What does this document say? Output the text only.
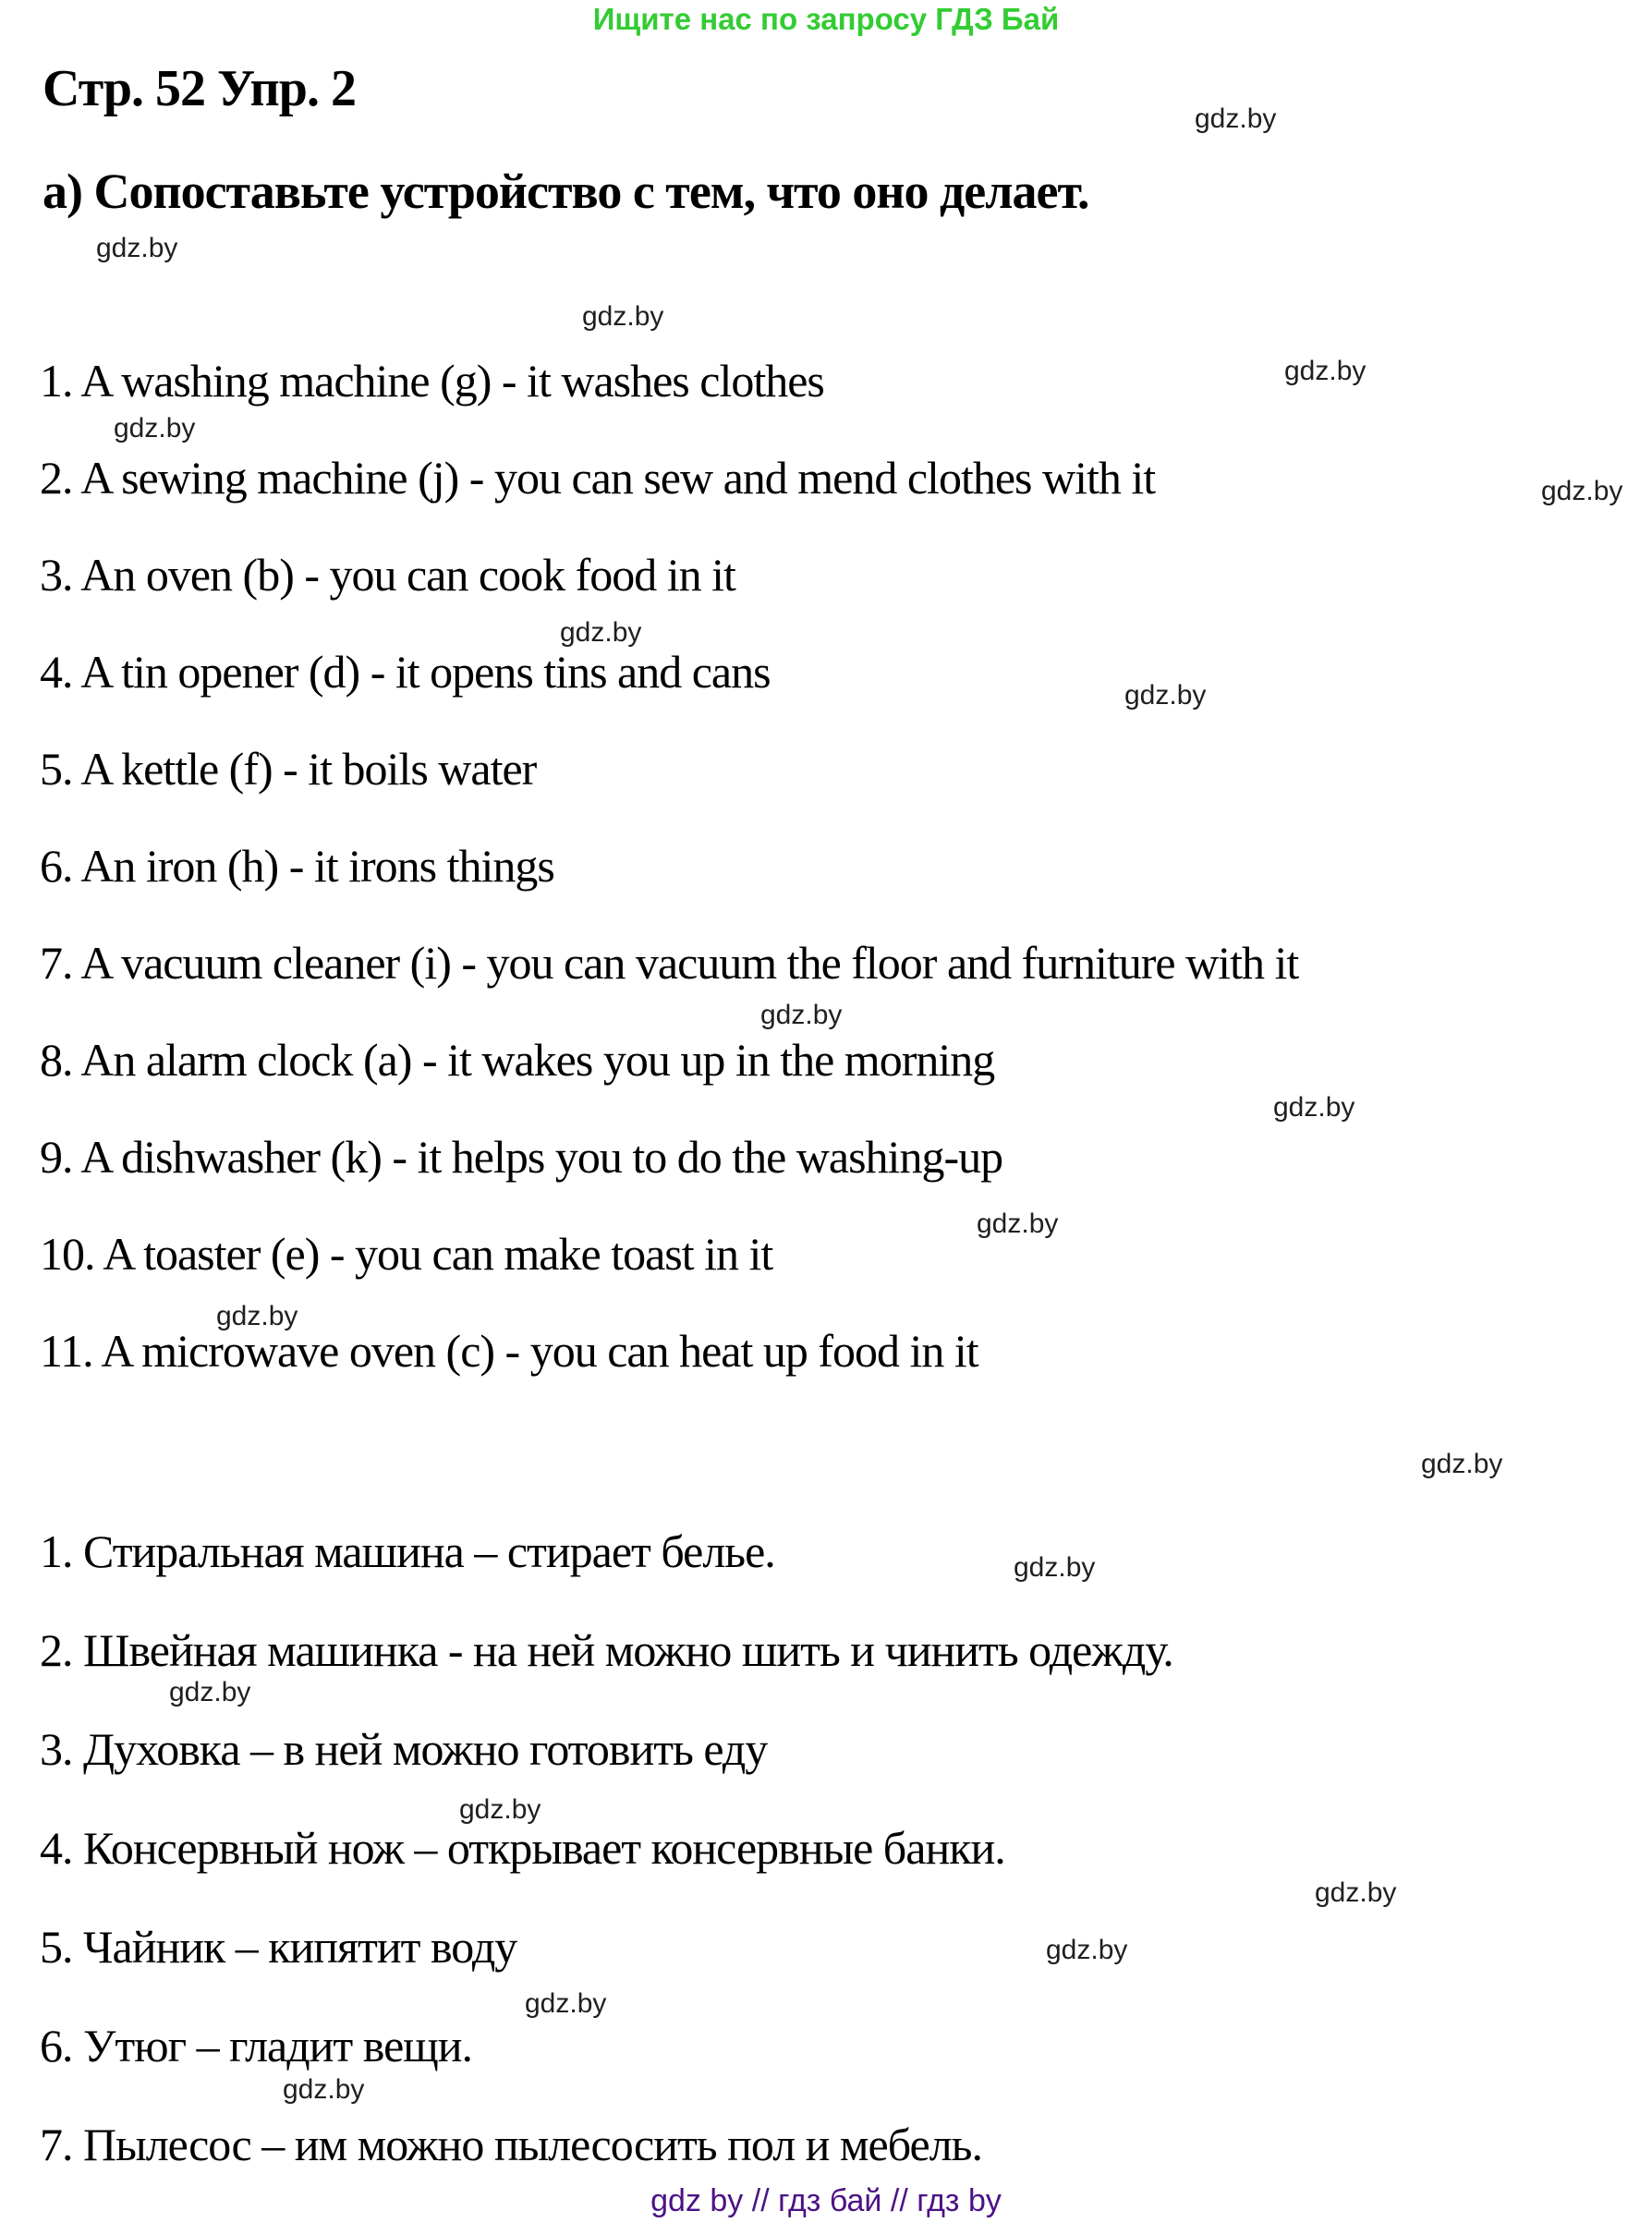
Ищите нас по запросу ГДЗ Бай
Стр. 52 Упр. 2
а) Сопоставьте устройство с тем, что оно делает.
1. A washing machine (g) - it washes clothes
2. A sewing machine (j) - you can sew and mend clothes with it
3. An oven (b) - you can cook food in it
4. A tin opener (d) - it opens tins and cans
5. A kettle (f) - it boils water
6. An iron (h) - it irons things
7. A vacuum cleaner (i) - you can vacuum the floor and furniture with it
8. An alarm clock (a) - it wakes you up in the morning
9. A dishwasher (k) - it helps you to do the washing-up
10. A toaster (e) - you can make toast in it
11. A microwave oven (c) - you can heat up food in it
1. Стиральная машина – стирает белье.
2. Швейная машинка - на ней можно шить и чинить одежду.
3. Духовка – в ней можно готовить еду
4. Консервный нож – открывает консервные банки.
5. Чайник – кипятит воду
6. Утюг – гладит вещи.
7. Пылесос – им можно пылесосить пол и мебель.
gdz.by
gdz.by
gdz.by
gdz.by
gdz.by
gdz.by
gdz.by
gdz.by
gdz.by
gdz.by
gdz.by
gdz.by
gdz.by
gdz.by
gdz.by
gdz.by
gdz.by
gdz.by
gdz.by
gdz.by
gdz by // гдз бай // гдз by
